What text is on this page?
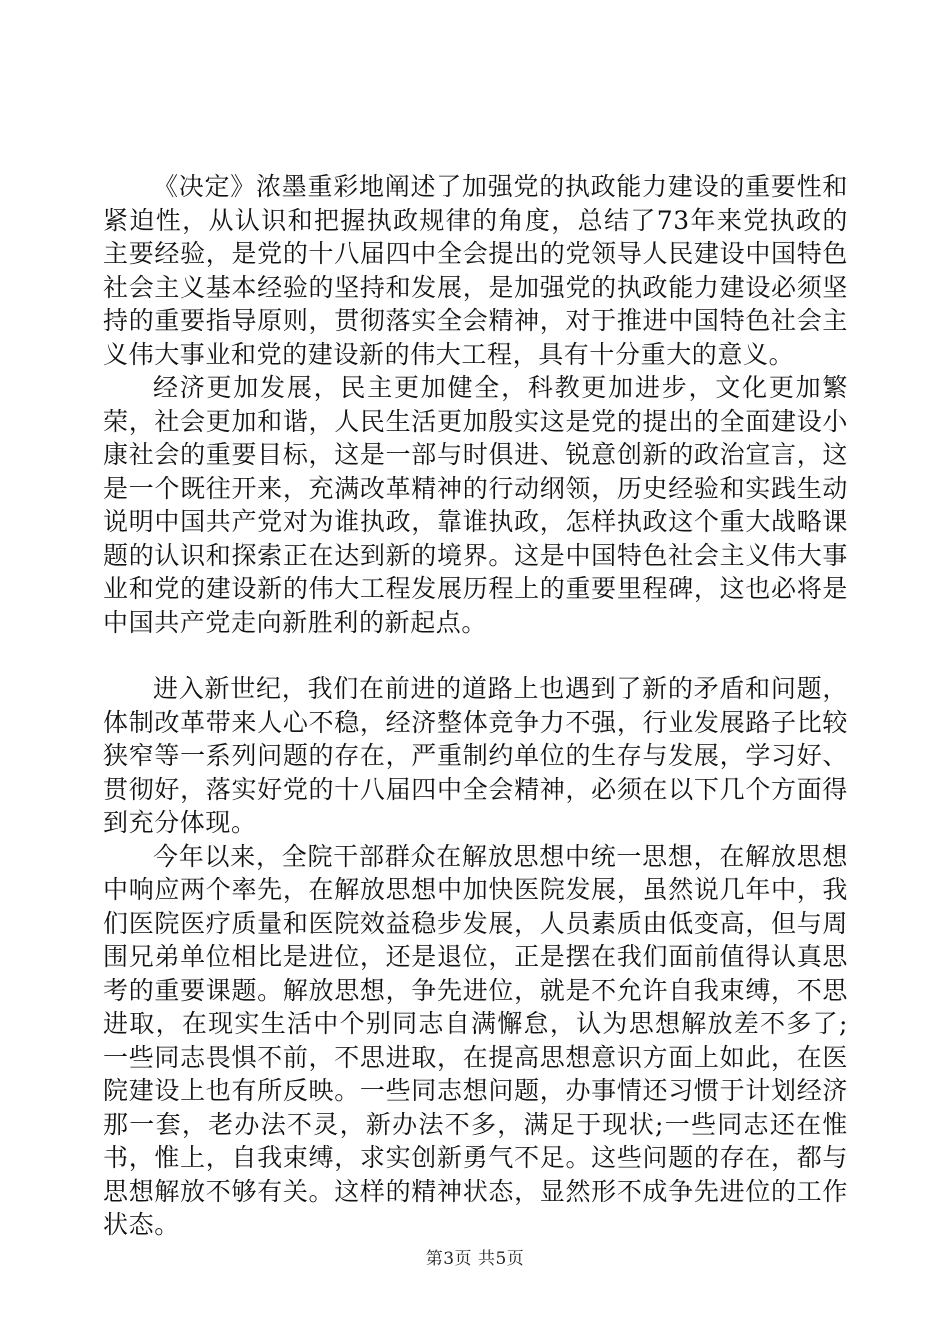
《决定》浓墨重彩地阐述了加强党的执政能力建设的重要性和紧迫性，从认识和把握执政规律的角度，总结了73年来党执政的主要经验，是党的十八届四中全会提出的党领导人民建设中国特色社会主义基本经验的坚持和发展，是加强党的执政能力建设必须坚持的重要指导原则，贯彻落实全会精神，对于推进中国特色社会主义伟大事业和党的建设新的伟大工程，具有十分重大的意义。

经济更加发展，民主更加健全，科教更加进步，文化更加繁荣，社会更加和谐，人民生活更加殷实这是党的提出的全面建设小康社会的重要目标，这是一部与时俱进、锐意创新的政治宣言，这是一个既往开来，充满改革精神的行动纲领，历史经验和实践生动说明中国共产党对为谁执政，靠谁执政，怎样执政这个重大战略课题的认识和探索正在达到新的境界。这是中国特色社会主义伟大事业和党的建设新的伟大工程发展历程上的重要里程碑，这也必将是中国共产党走向新胜利的新起点。

进入新世纪，我们在前进的道路上也遇到了新的矛盾和问题，体制改革带来人心不稳，经济整体竞争力不强，行业发展路子比较狭窄等一系列问题的存在，严重制约单位的生存与发展，学习好、贯彻好，落实好党的十八届四中全会精神，必须在以下几个方面得到充分体现。

今年以来，全院干部群众在解放思想中统一思想，在解放思想中响应两个率先，在解放思想中加快医院发展，虽然说几年中，我们医院医疗质量和医院效益稳步发展，人员素质由低变高，但与周围兄弟单位相比是进位，还是退位，正是摆在我们面前值得认真思考的重要课题。解放思想，争先进位，就是不允许自我束缚，不思进取，在现实生活中个别同志自满懈怠，认为思想解放差不多了;一些同志畏惧不前，不思进取，在提高思想意识方面上如此，在医院建设上也有所反映。一些同志想问题，办事情还习惯于计划经济那一套，老办法不灵，新办法不多，满足于现状;一些同志还在惟书，惟上，自我束缚，求实创新勇气不足。这些问题的存在，都与思想解放不够有关。这样的精神状态，显然形不成争先进位的工作状态。

第3页 共5页
